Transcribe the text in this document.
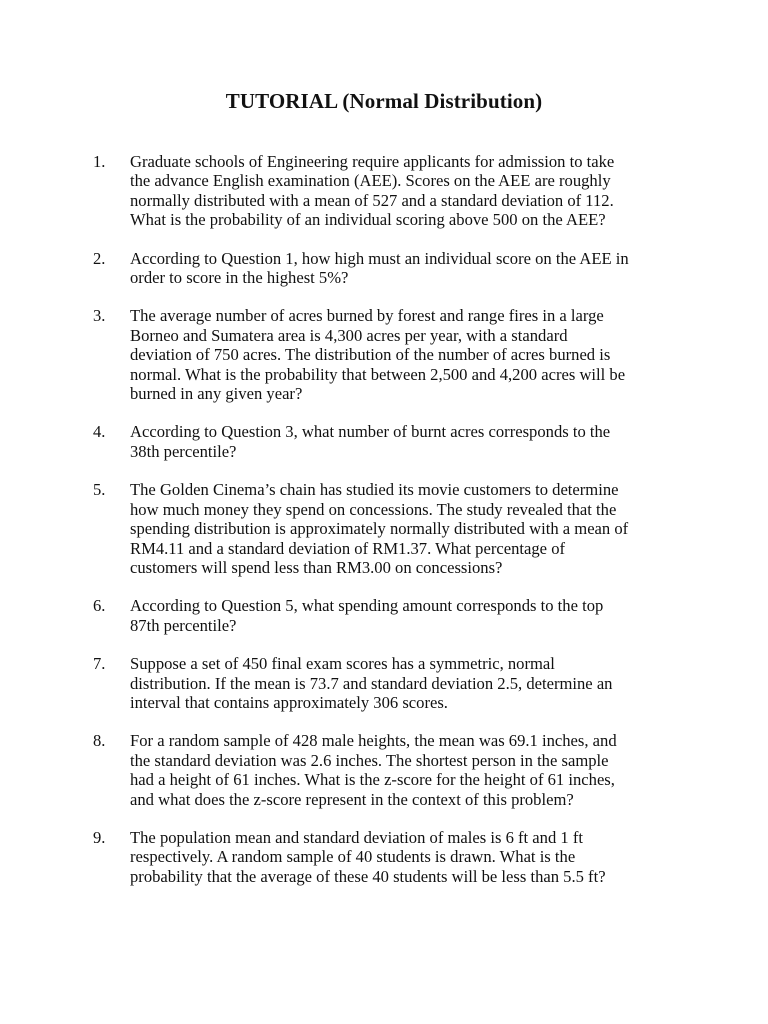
TUTORIAL (Normal Distribution)
1. Graduate schools of Engineering require applicants for admission to take
the advance English examination (AEE). Scores on the AEE are roughly
normally distributed with a mean of 527 and a standard deviation of 112.
What is the probability of an individual scoring above 500 on the AEE?
2. According to Question 1, how high must an individual score on the AEE in
order to score in the highest 5%?
3. The average number of acres burned by forest and range fires in a large
Borneo and Sumatera area is 4,300 acres per year, with a standard
deviation of 750 acres. The distribution of the number of acres burned is
normal. What is the probability that between 2,500 and 4,200 acres will be
burned in any given year?
4. According to Question 3, what number of burnt acres corresponds to the
38th percentile?
5. The Golden Cinema’s chain has studied its movie customers to determine
how much money they spend on concessions. The study revealed that the
spending distribution is approximately normally distributed with a mean of
RM4.11 and a standard deviation of RM1.37. What percentage of
customers will spend less than RM3.00 on concessions?
6. According to Question 5, what spending amount corresponds to the top
87th percentile?
7. Suppose a set of 450 final exam scores has a symmetric, normal
distribution. If the mean is 73.7 and standard deviation 2.5, determine an
interval that contains approximately 306 scores.
8. For a random sample of 428 male heights, the mean was 69.1 inches, and
the standard deviation was 2.6 inches. The shortest person in the sample
had a height of 61 inches. What is the z-score for the height of 61 inches,
and what does the z-score represent in the context of this problem?
9. The population mean and standard deviation of males is 6 ft and 1 ft
respectively. A random sample of 40 students is drawn. What is the
probability that the average of these 40 students will be less than 5.5 ft?
